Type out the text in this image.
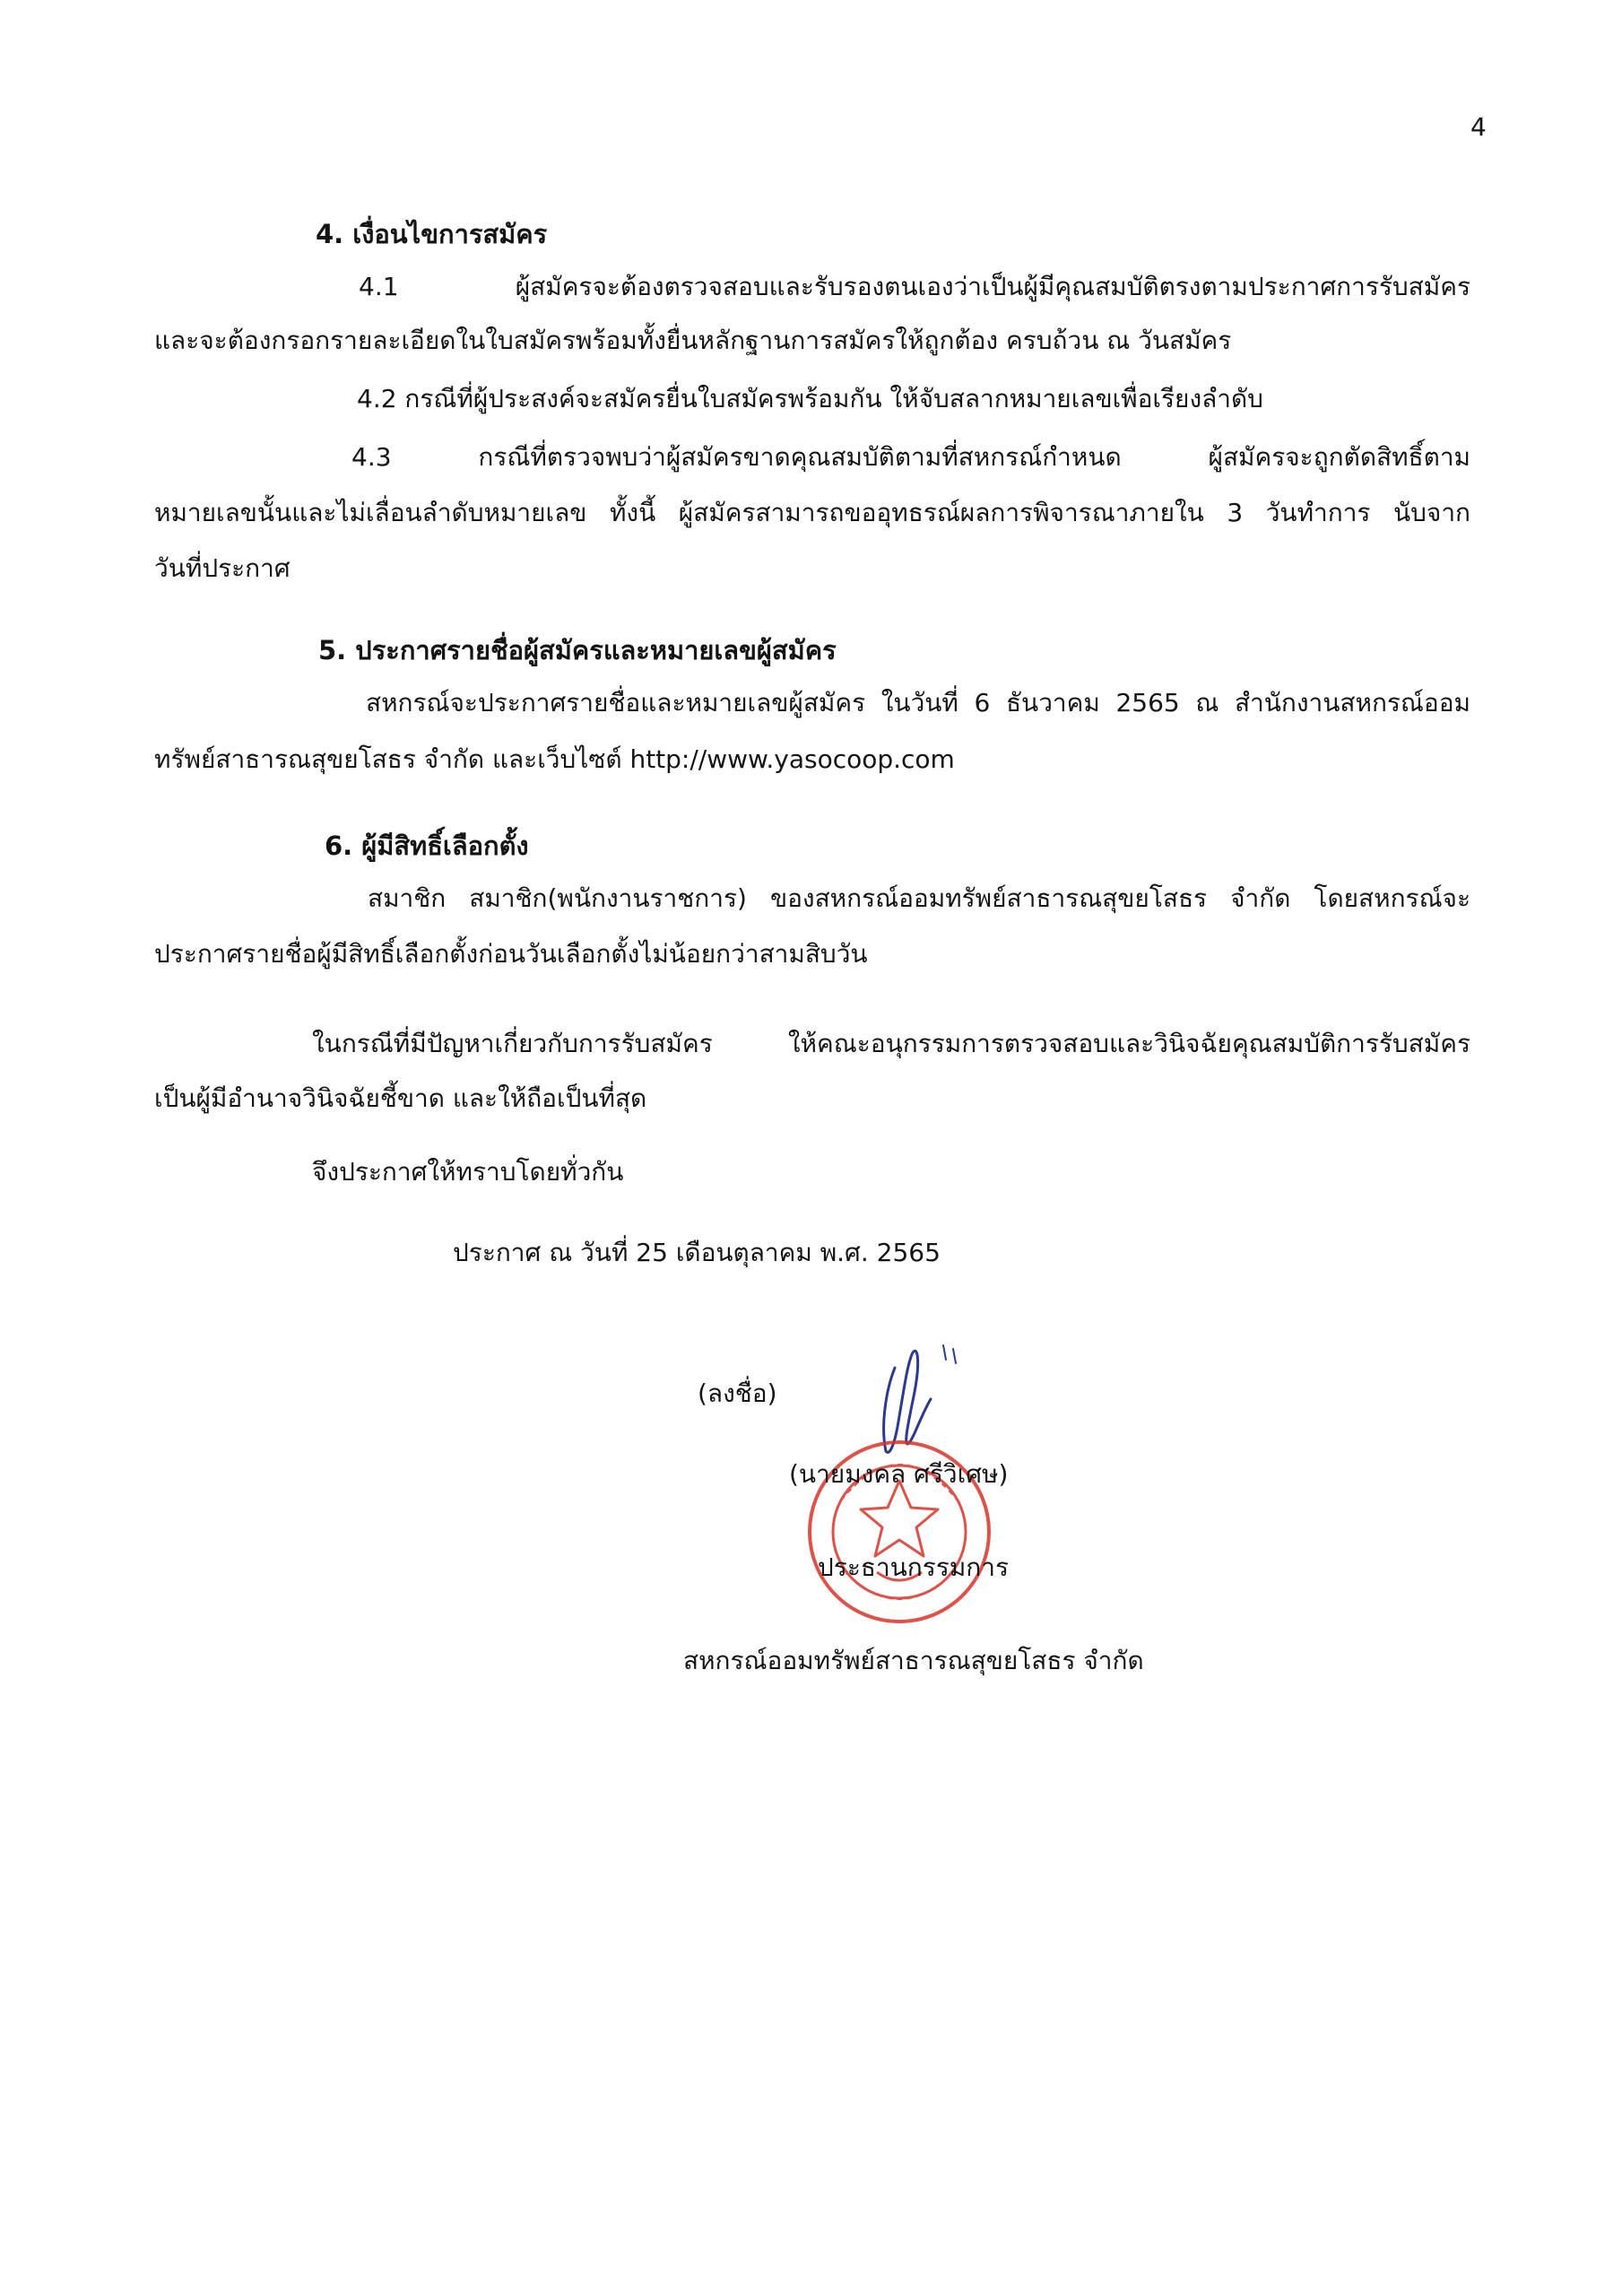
4
4. เงื่อนไขการสมัคร
4.1 ผู้สมัครจะต้องตรวจสอบและรับรองตนเองว่าเป็นผู้มีคุณสมบัติตรงตามประกาศการรับสมัคร
และจะต้องกรอกรายละเอียดในใบสมัครพร้อมทั้งยื่นหลักฐานการสมัครให้ถูกต้อง ครบถ้วน ณ วันสมัคร
4.2 กรณีที่ผู้ประสงค์จะสมัครยื่นใบสมัครพร้อมกัน ให้จับสลากหมายเลขเพื่อเรียงลำดับ
4.3 กรณีที่ตรวจพบว่าผู้สมัครขาดคุณสมบัติตามที่สหกรณ์กำหนด ผู้สมัครจะถูกตัดสิทธิ์ตาม
หมายเลขนั้นและไม่เลื่อนลำดับหมายเลข ทั้งนี้ ผู้สมัครสามารถขออุทธรณ์ผลการพิจารณาภายใน 3 วันทำการ นับจาก
วันที่ประกาศ
5. ประกาศรายชื่อผู้สมัครและหมายเลขผู้สมัคร
สหกรณ์จะประกาศรายชื่อและหมายเลขผู้สมัคร ในวันที่ 6 ธันวาคม 2565 ณ สำนักงานสหกรณ์ออม
ทรัพย์สาธารณสุขยโสธร จำกัด และเว็บไซต์ http://www.yasocoop.com
6. ผู้มีสิทธิ์เลือกตั้ง
สมาชิก สมาชิก(พนักงานราชการ) ของสหกรณ์ออมทรัพย์สาธารณสุขยโสธร จำกัด โดยสหกรณ์จะ
ประกาศรายชื่อผู้มีสิทธิ์เลือกตั้งก่อนวันเลือกตั้งไม่น้อยกว่าสามสิบวัน
ในกรณีที่มีปัญหาเกี่ยวกับการรับสมัคร ให้คณะอนุกรรมการตรวจสอบและวินิจฉัยคุณสมบัติการรับสมัคร
เป็นผู้มีอำนาจวินิจฉัยชี้ขาด และให้ถือเป็นที่สุด
จึงประกาศให้ทราบโดยทั่วกัน
ประกาศ ณ วันที่ 25 เดือนตุลาคม พ.ศ. 2565
(ลงชื่อ)
(นายมงคล ศรีวิเศษ)
ประธานกรรมการ
สหกรณ์ออมทรัพย์สาธารณสุขยโสธร จำกัด
